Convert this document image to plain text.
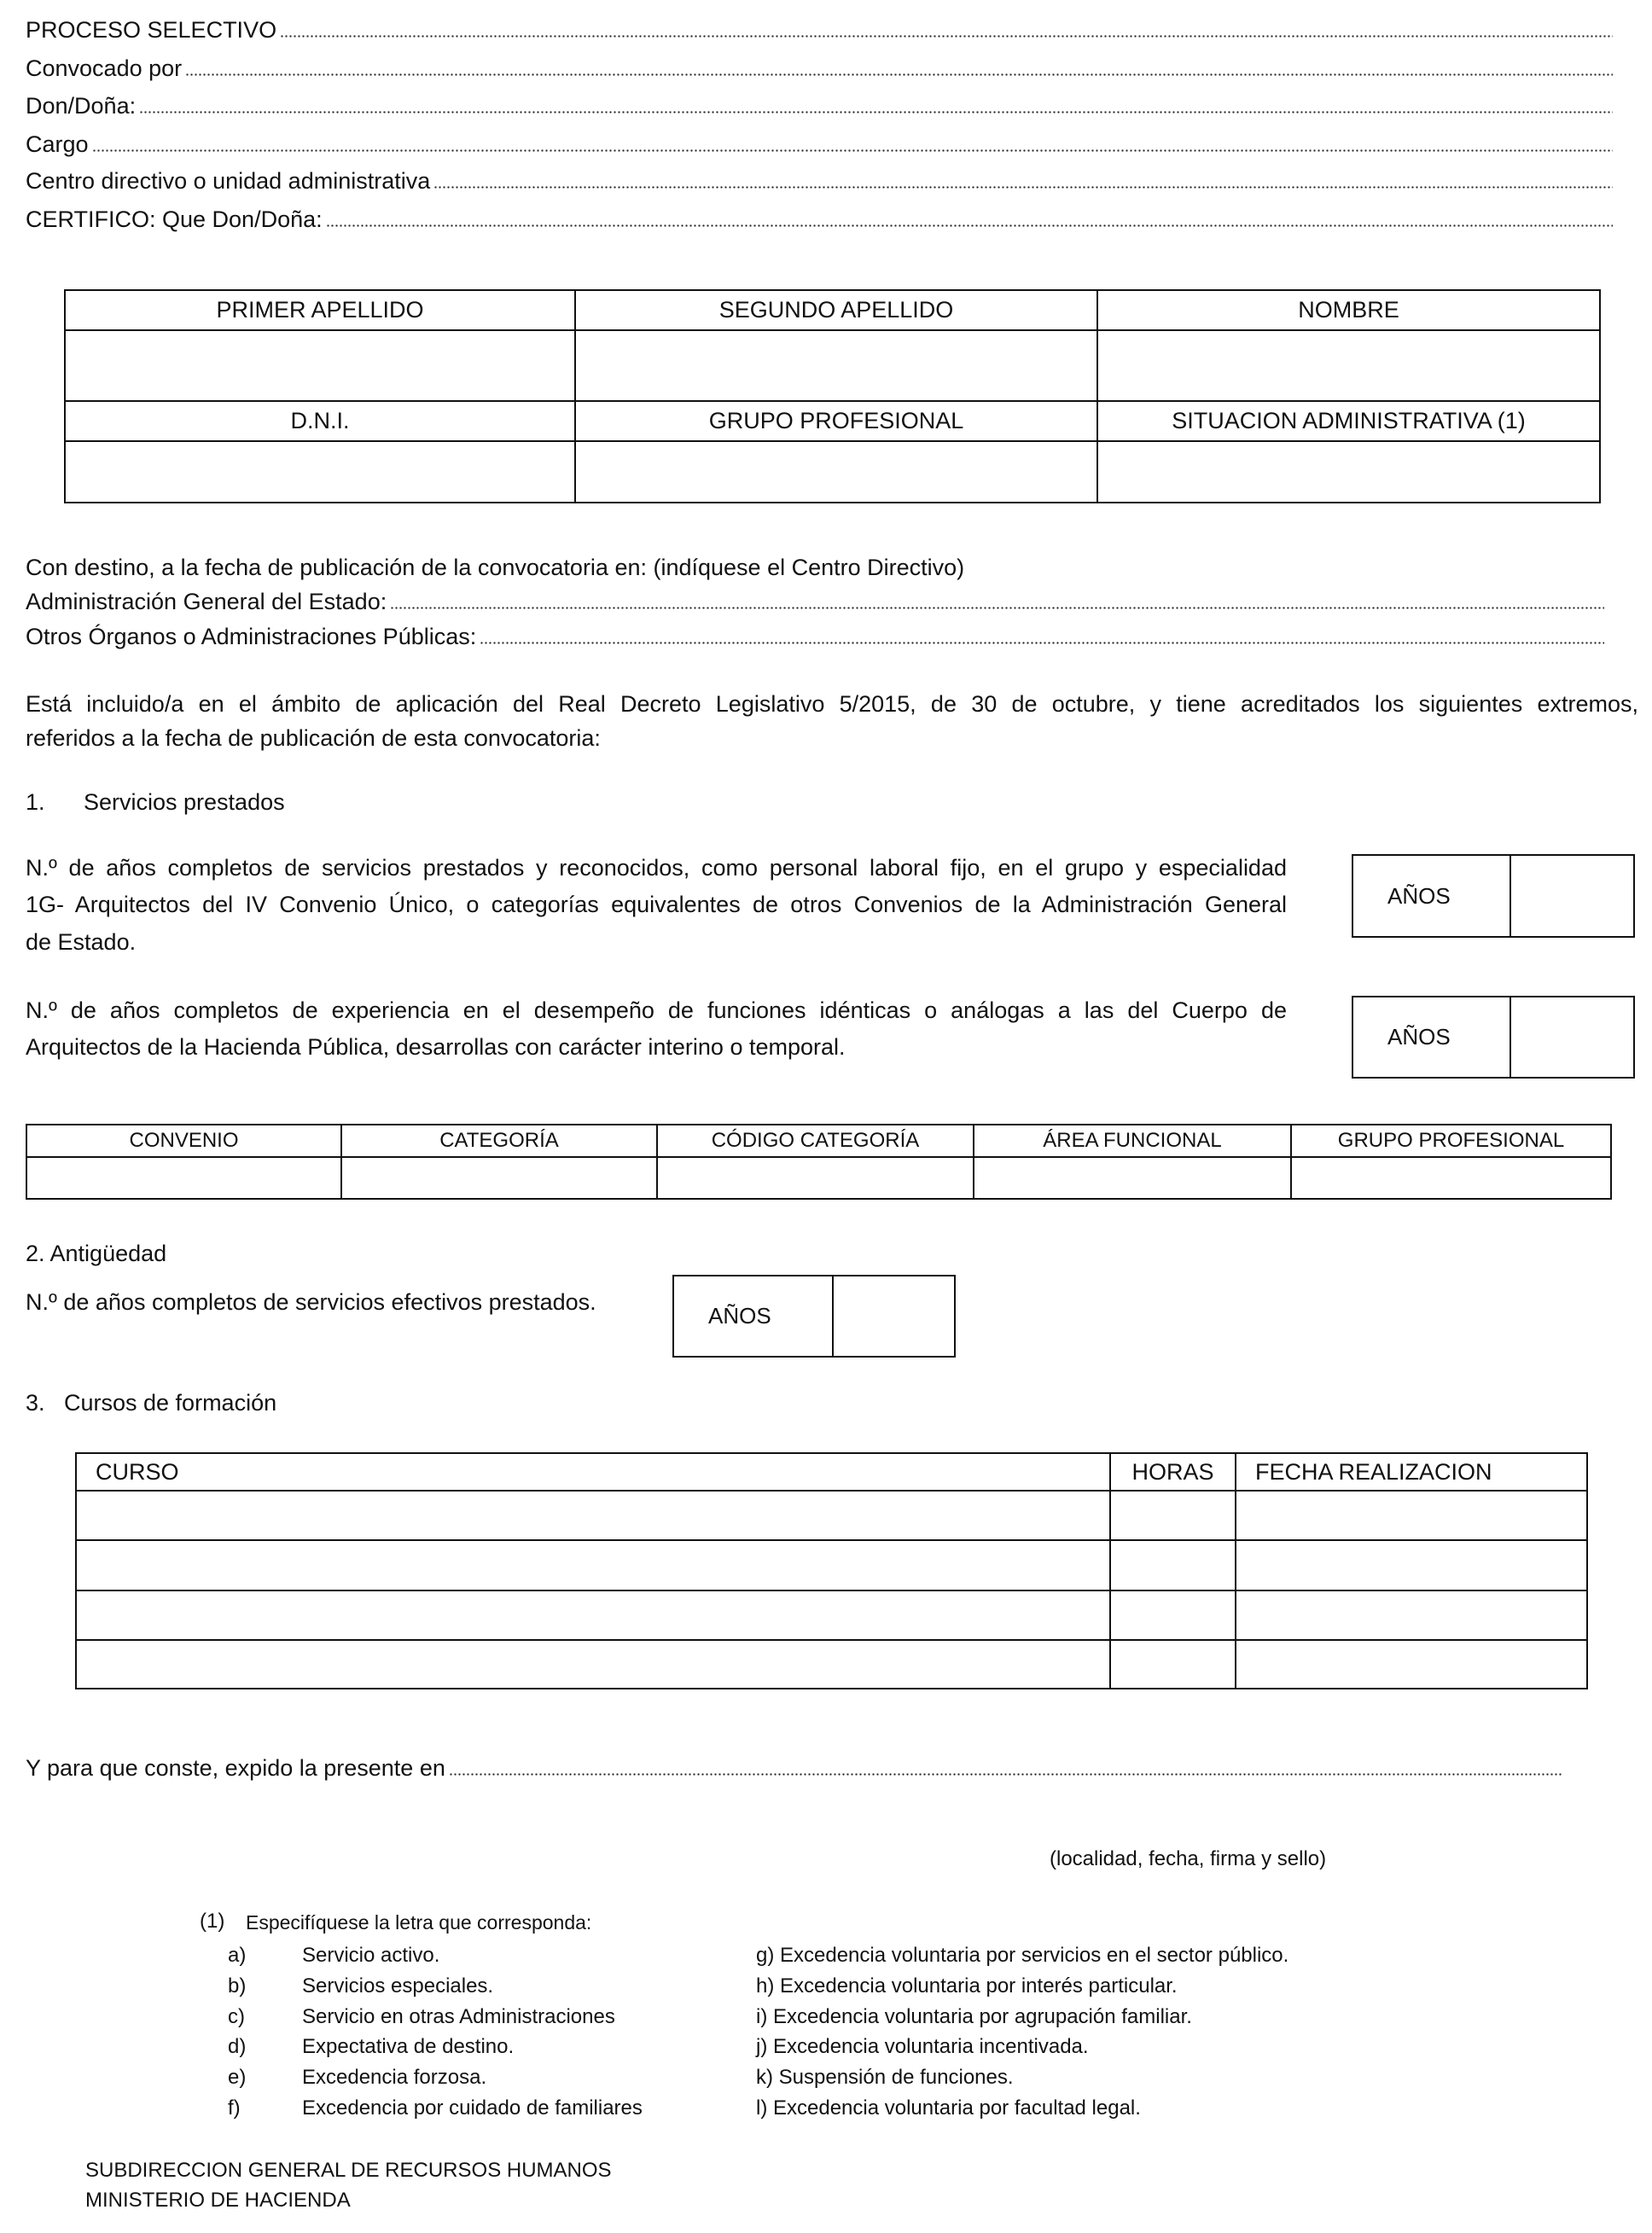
PROCESO SELECTIVO
Convocado por
Don/Doña:
Cargo
Centro directivo o unidad administrativa
CERTIFICO: Que Don/Doña:
PRIMER APELLIDO	SEGUNDO APELLIDO	NOMBRE

D.N.I.	GRUPO PROFESIONAL	SITUACION ADMINISTRATIVA (1)

Con destino, a la fecha de publicación de la convocatoria en: (indíquese el Centro Directivo)
Administración General del Estado:
Otros Órganos o Administraciones Públicas:
Está incluido/a en el ámbito de aplicación del Real Decreto Legislativo 5/2015, de 30 de octubre, y tiene acreditados los siguientes extremos,
referidos a la fecha de publicación de esta convocatoria:
1. Servicios prestados
N.º de años completos de servicios prestados y reconocidos, como personal laboral fijo, en el grupo y especialidad
1G- Arquitectos del IV Convenio Único, o categorías equivalentes de otros Convenios de la Administración General
de Estado.
AÑOS
N.º de años completos de experiencia en el desempeño de funciones idénticas o análogas a las del Cuerpo de
Arquitectos de la Hacienda Pública, desarrollas con carácter interino o temporal.	AÑOS
CONVENIO	CATEGORÍA	CÓDIGO CATEGORÍA	ÁREA FUNCIONAL	GRUPO PROFESIONAL

2. Antigüedad
N.º de años completos de servicios efectivos prestados.
AÑOS
3. Cursos de formación
CURSO	HORAS	FECHA REALIZACION

Y para que conste, expido la presente en
(localidad, fecha, firma y sello)
(1) Especifíquese la letra que corresponda:
a)	Servicio activo.	g) Excedencia voluntaria por servicios en el sector público.
b)	Servicios especiales.	h) Excedencia voluntaria por interés particular.
c)	Servicio en otras Administraciones	i) Excedencia voluntaria por agrupación familiar.
d)	Expectativa de destino.	j) Excedencia voluntaria incentivada.
e)	Excedencia forzosa.	k) Suspensión de funciones.
f)	Excedencia por cuidado de familiares	l) Excedencia voluntaria por facultad legal.
SUBDIRECCION GENERAL DE RECURSOS HUMANOS
MINISTERIO DE HACIENDA
